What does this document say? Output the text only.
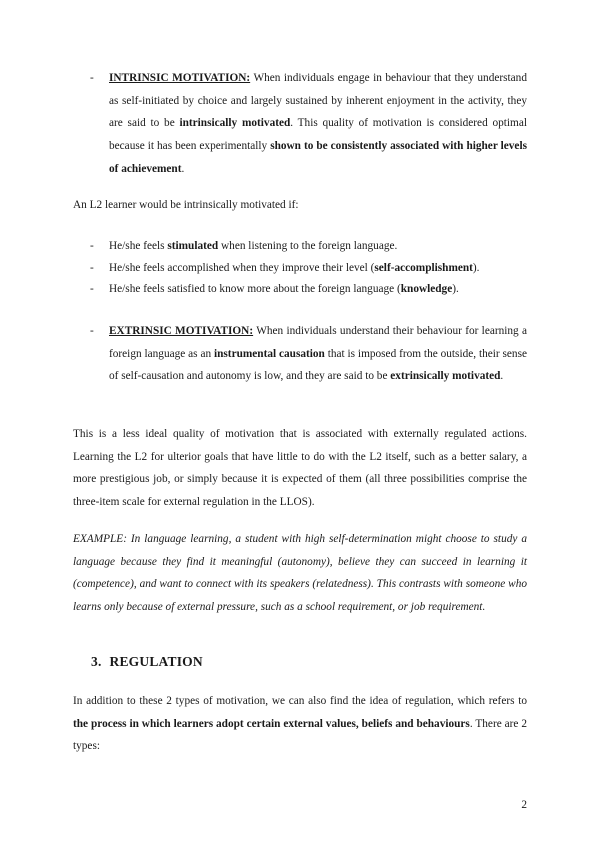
- INTRINSIC MOTIVATION: When individuals engage in behaviour that they understand as self-initiated by choice and largely sustained by inherent enjoyment in the activity, they are said to be intrinsically motivated. This quality of motivation is considered optimal because it has been experimentally shown to be consistently associated with higher levels of achievement.

An L2 learner would be intrinsically motivated if:

- He/she feels stimulated when listening to the foreign language.

- He/she feels accomplished when they improve their level (self-accomplishment).

- He/she feels satisfied to know more about the foreign language (knowledge).

- EXTRINSIC MOTIVATION: When individuals understand their behaviour for learning a foreign language as an instrumental causation that is imposed from the outside, their sense of self-causation and autonomy is low, and they are said to be extrinsically motivated.

This is a less ideal quality of motivation that is associated with externally regulated actions. Learning the L2 for ulterior goals that have little to do with the L2 itself, such as a better salary, a more prestigious job, or simply because it is expected of them (all three possibilities comprise the three-item scale for external regulation in the LLOS).

EXAMPLE: In language learning, a student with high self-determination might choose to study a language because they find it meaningful (autonomy), believe they can succeed in learning it (competence), and want to connect with its speakers (relatedness). This contrasts with someone who learns only because of external pressure, such as a school requirement, or job requirement.

3. REGULATION

In addition to these 2 types of motivation, we can also find the idea of regulation, which refers to the process in which learners adopt certain external values, beliefs and behaviours. There are 2 types:

2
